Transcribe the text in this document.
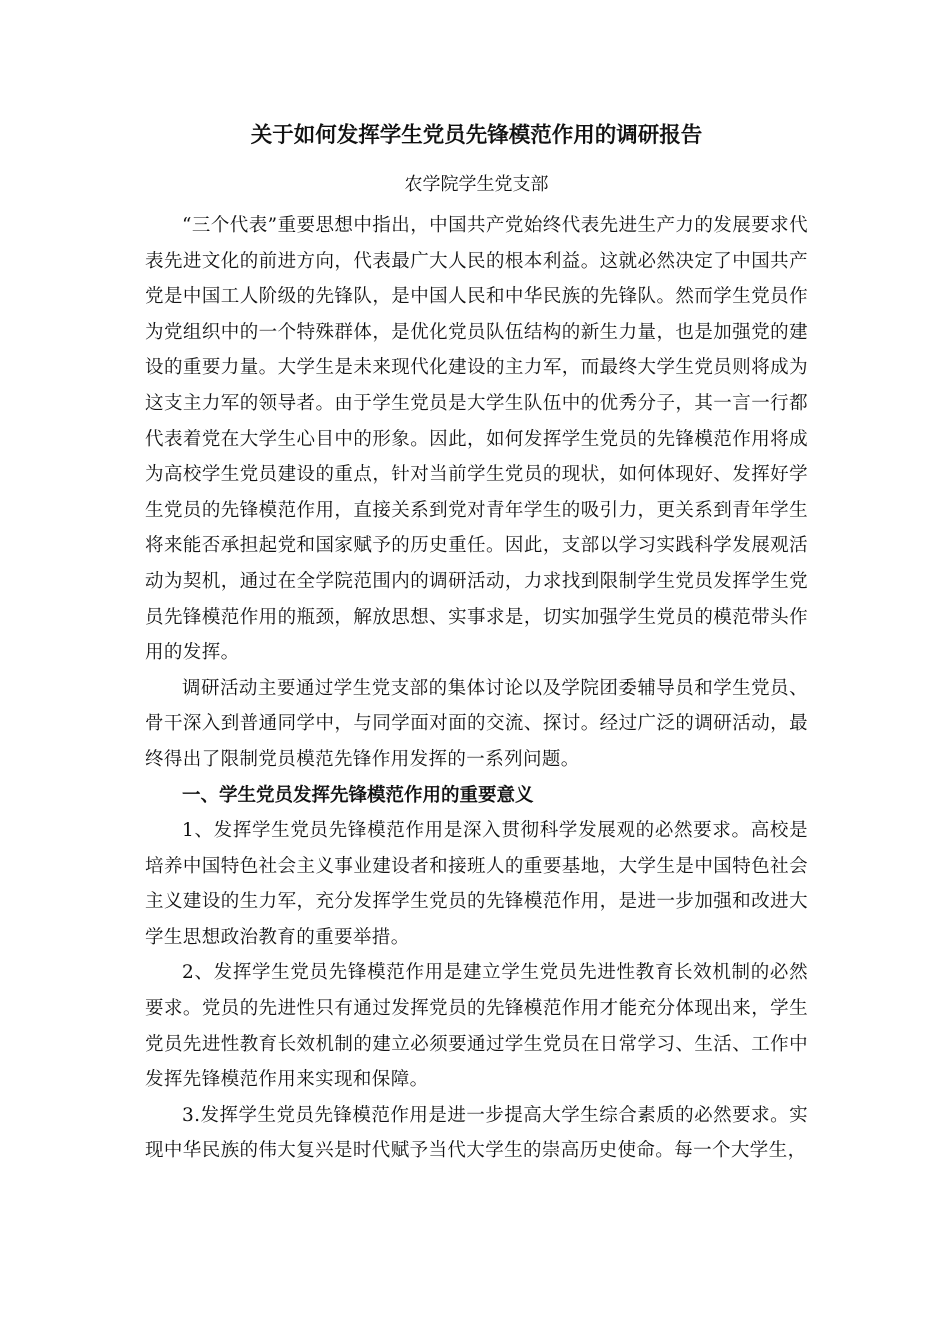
关于如何发挥学生党员先锋模范作用的调研报告
农学院学生党支部

“三个代表”重要思想中指出，中国共产党始终代表先进生产力的发展要求代表先进文化的前进方向，代表最广大人民的根本利益。这就必然决定了中国共产党是中国工人阶级的先锋队，是中国人民和中华民族的先锋队。然而学生党员作为党组织中的一个特殊群体，是优化党员队伍结构的新生力量，也是加强党的建设的重要力量。大学生是未来现代化建设的主力军，而最终大学生党员则将成为这支主力军的领导者。由于学生党员是大学生队伍中的优秀分子，其一言一行都代表着党在大学生心目中的形象。因此，如何发挥学生党员的先锋模范作用将成为高校学生党员建设的重点，针对当前学生党员的现状，如何体现好、发挥好学生党员的先锋模范作用，直接关系到党对青年学生的吸引力，更关系到青年学生将来能否承担起党和国家赋予的历史重任。因此，支部以学习实践科学发展观活动为契机，通过在全学院范围内的调研活动，力求找到限制学生党员发挥学生党员先锋模范作用的瓶颈，解放思想、实事求是，切实加强学生党员的模范带头作用的发挥。

调研活动主要通过学生党支部的集体讨论以及学院团委辅导员和学生党员、骨干深入到普通同学中，与同学面对面的交流、探讨。经过广泛的调研活动，最终得出了限制党员模范先锋作用发挥的一系列问题。

一、学生党员发挥先锋模范作用的重要意义

1、发挥学生党员先锋模范作用是深入贯彻科学发展观的必然要求。高校是培养中国特色社会主义事业建设者和接班人的重要基地，大学生是中国特色社会主义建设的生力军，充分发挥学生党员的先锋模范作用，是进一步加强和改进大学生思想政治教育的重要举措。

2、发挥学生党员先锋模范作用是建立学生党员先进性教育长效机制的必然要求。党员的先进性只有通过发挥党员的先锋模范作用才能充分体现出来，学生党员先进性教育长效机制的建立必须要通过学生党员在日常学习、生活、工作中发挥先锋模范作用来实现和保障。

3.发挥学生党员先锋模范作用是进一步提高大学生综合素质的必然要求。实现中华民族的伟大复兴是时代赋予当代大学生的崇高历史使命。每一个大学生，
